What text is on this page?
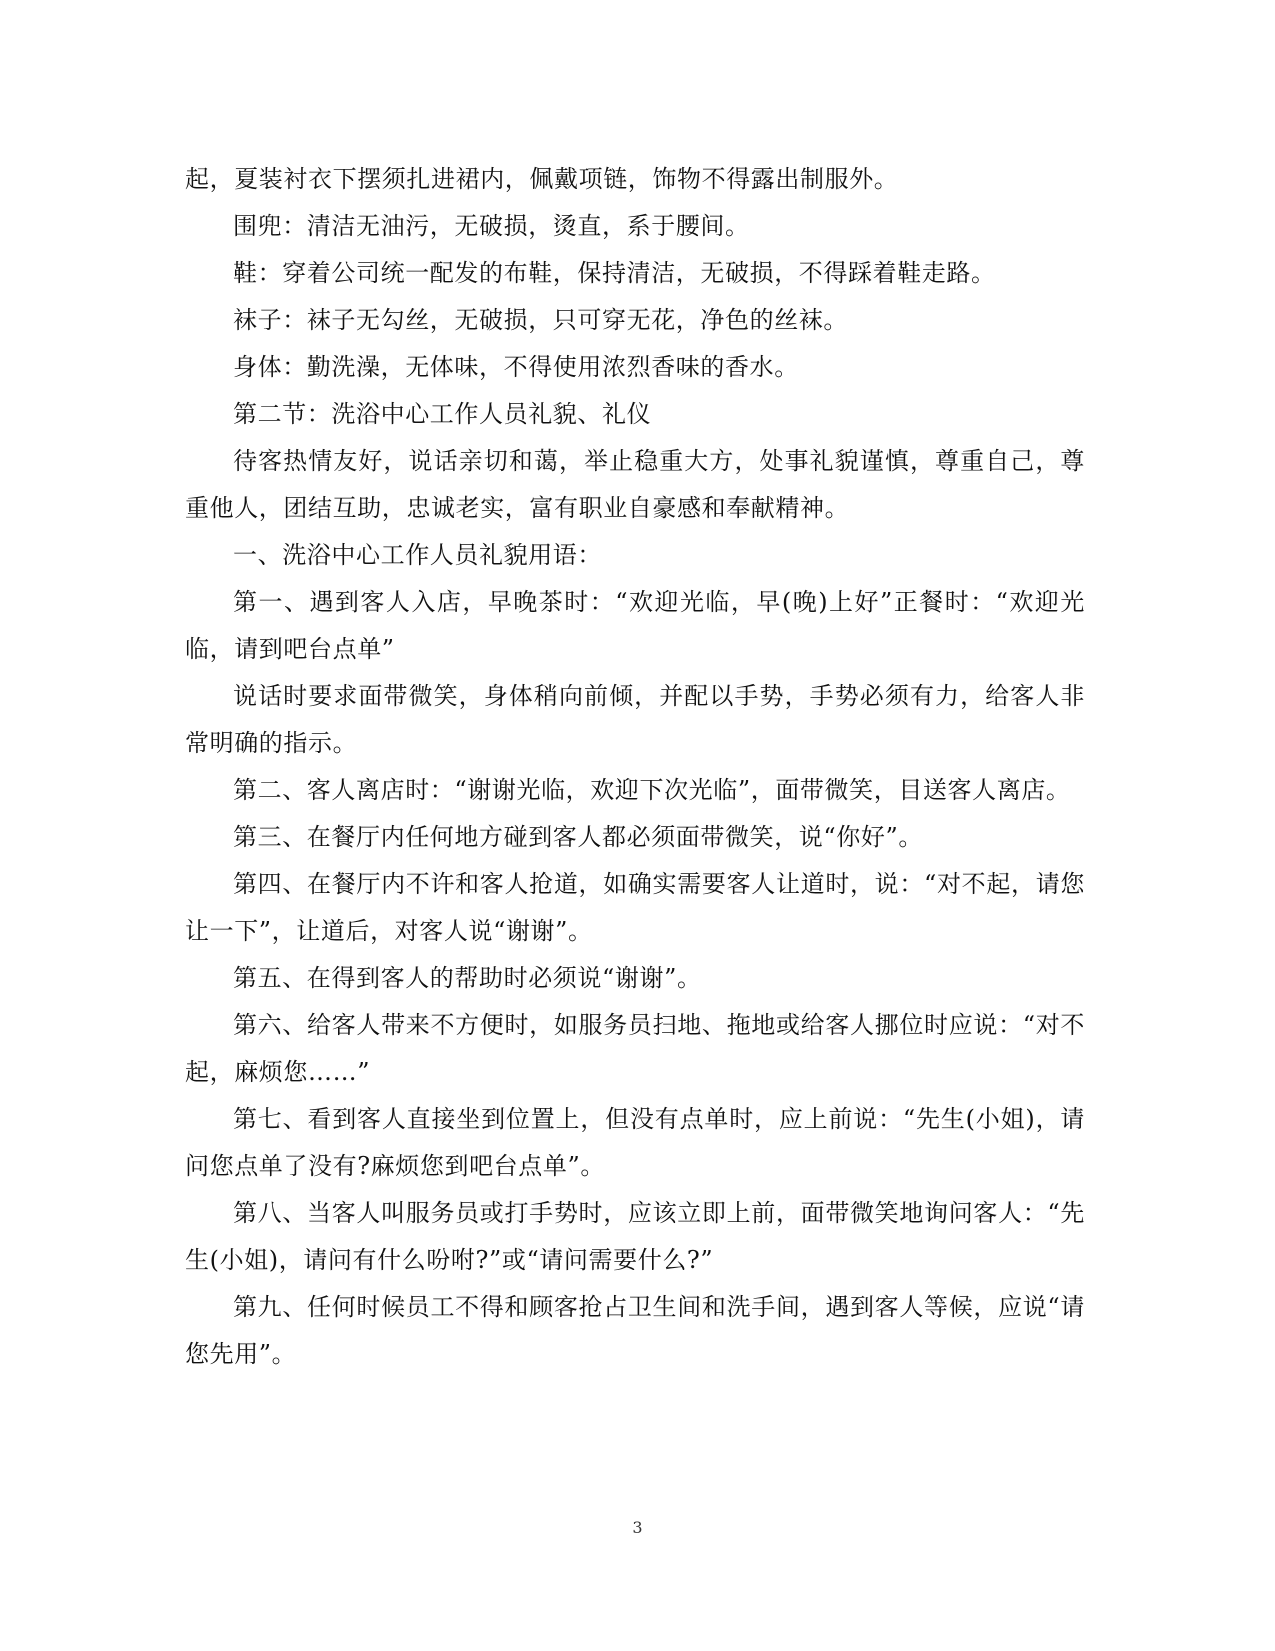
起，夏装衬衣下摆须扎进裙内，佩戴项链，饰物不得露出制服外。

围兜：清洁无油污，无破损，烫直，系于腰间。

鞋：穿着公司统一配发的布鞋，保持清洁，无破损，不得踩着鞋走路。

袜子：袜子无勾丝，无破损，只可穿无花，净色的丝袜。

身体：勤洗澡，无体味，不得使用浓烈香味的香水。

第二节：洗浴中心工作人员礼貌、礼仪

待客热情友好，说话亲切和蔼，举止稳重大方，处事礼貌谨慎，尊重自己，尊重他人，团结互助，忠诚老实，富有职业自豪感和奉献精神。

一、洗浴中心工作人员礼貌用语：

第一、遇到客人入店，早晚茶时：“欢迎光临，早(晚)上好”正餐时：“欢迎光临，请到吧台点单”

说话时要求面带微笑，身体稍向前倾，并配以手势，手势必须有力，给客人非常明确的指示。

第二、客人离店时：“谢谢光临，欢迎下次光临”，面带微笑，目送客人离店。

第三、在餐厅内任何地方碰到客人都必须面带微笑，说“你好”。

第四、在餐厅内不许和客人抢道，如确实需要客人让道时，说：“对不起，请您让一下”，让道后，对客人说“谢谢”。

第五、在得到客人的帮助时必须说“谢谢”。

第六、给客人带来不方便时，如服务员扫地、拖地或给客人挪位时应说：“对不起，麻烦您……”

第七、看到客人直接坐到位置上，但没有点单时，应上前说：“先生(小姐)，请问您点单了没有?麻烦您到吧台点单”。

第八、当客人叫服务员或打手势时，应该立即上前，面带微笑地询问客人：“先生(小姐)，请问有什么吩咐?”或“请问需要什么?”

第九、任何时候员工不得和顾客抢占卫生间和洗手间，遇到客人等候，应说“请您先用”。

3
